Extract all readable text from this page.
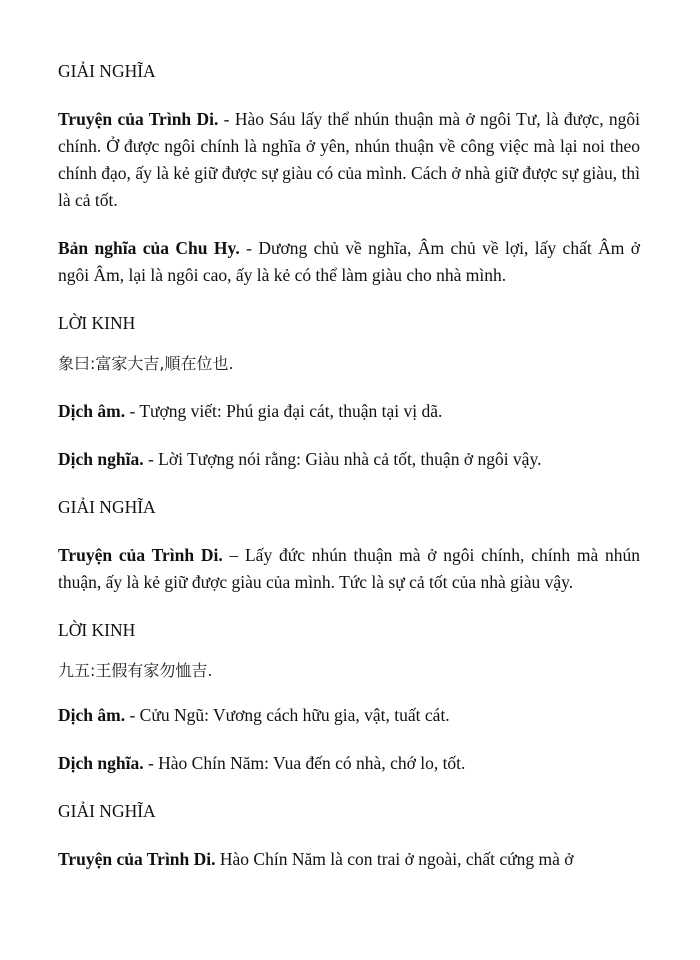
GIẢI NGHĨA

Truyện của Trình Di. - Hào Sáu lấy thể nhún thuận mà ở ngôi Tư, là được, ngôi chính. Ở được ngôi chính là nghĩa ở yên, nhún thuận về công việc mà lại noi theo chính đạo, ấy là kẻ giữ được sự giàu có của mình. Cách ở nhà giữ được sự giàu, thì là cả tốt.

Bản nghĩa của Chu Hy. - Dương chủ về nghĩa, Âm chủ về lợi, lấy chất Âm ở ngôi Âm, lại là ngôi cao, ấy là kẻ có thể làm giàu cho nhà mình.

LỜI KINH

象曰:富家大吉,順在位也.

Dịch âm. - Tượng viết: Phú gia đại cát, thuận tại vị dã.

Dịch nghĩa. - Lời Tượng nói rằng: Giàu nhà cả tốt, thuận ở ngôi vậy.

GIẢI NGHĨA

Truyện của Trình Di. – Lấy đức nhún thuận mà ở ngôi chính, chính mà nhún thuận, ấy là kẻ giữ được giàu của mình. Tức là sự cả tốt của nhà giàu vậy.

LỜI KINH

九五:王假有家勿恤吉.

Dịch âm. - Cửu Ngũ: Vương cách hữu gia, vật, tuất cát.

Dịch nghĩa. - Hào Chín Năm: Vua đến có nhà, chớ lo, tốt.

GIẢI NGHĨA

Truyện của Trình Di. Hào Chín Năm là con trai ở ngoài, chất cứng mà ở
